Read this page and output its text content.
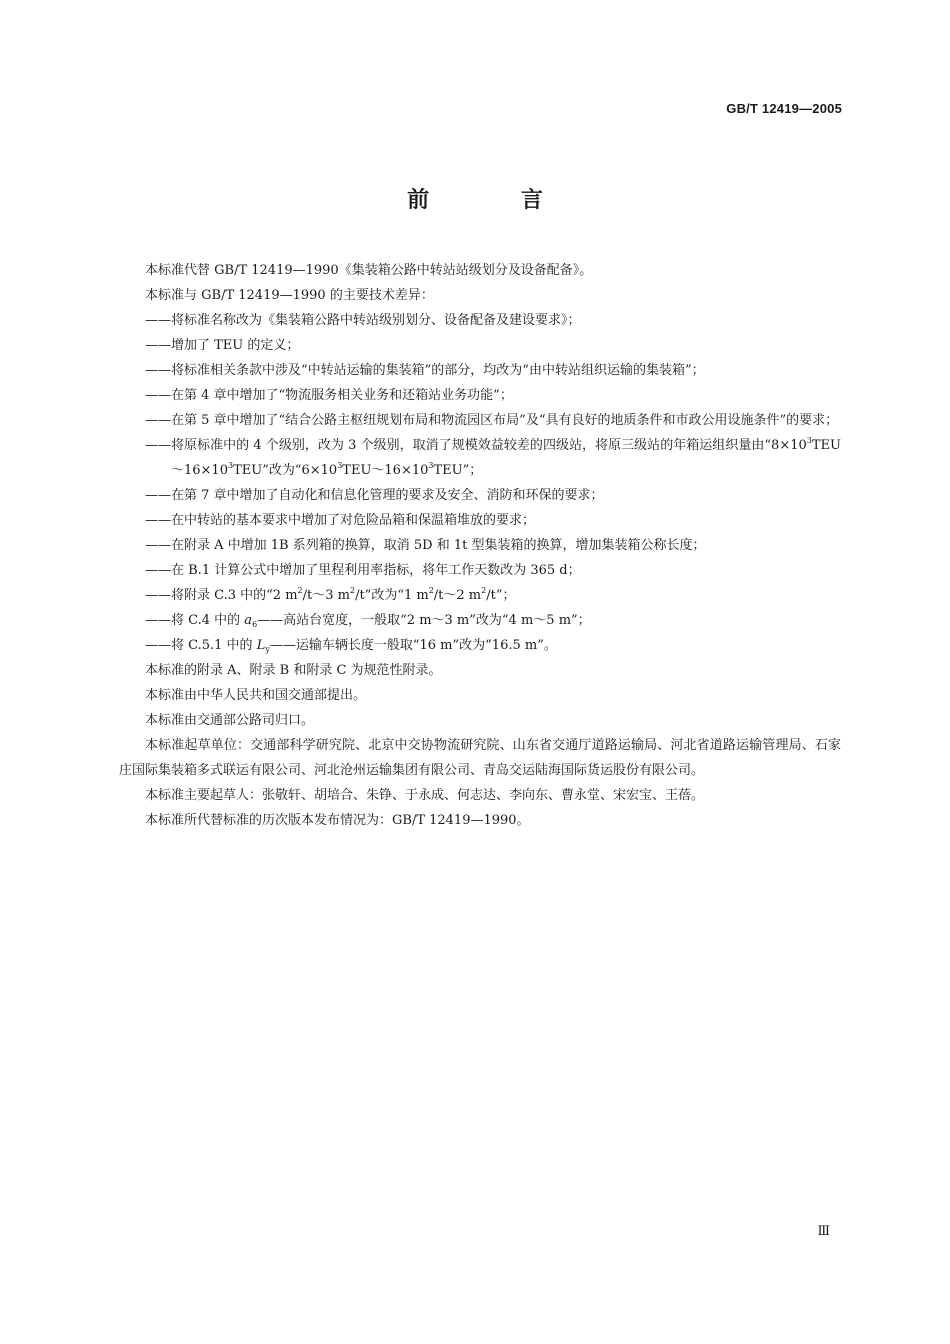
GB/T 12419—2005
前 言

本标准代替 GB/T 12419—1990《集装箱公路中转站站级划分及设备配备》。

本标准与 GB/T 12419—1990 的主要技术差异：

——将标准名称改为《集装箱公路中转站级别划分、设备配备及建设要求》；

——增加了 TEU 的定义；

——将标准相关条款中涉及“中转站运输的集装箱”的部分，均改为“由中转站组织运输的集装箱”；

——在第 4 章中增加了“物流服务相关业务和还箱站业务功能”；

——在第 5 章中增加了“结合公路主枢纽规划布局和物流园区布局”及“具有良好的地质条件和市政公用设施条件”的要求；

——将原标准中的 4 个级别，改为 3 个级别，取消了规模效益较差的四级站，将原三级站的年箱运组织量由“$8\times 10^3TEU\sim 16\times 10^3TEU$”改为“$6\times 10^3TEU\sim 16\times 10^3TEU$”；

——在第 7 章中增加了自动化和信息化管理的要求及安全、消防和环保的要求；

——在中转站的基本要求中增加了对危险品箱和保温箱堆放的要求；

——在附录 A 中增加 1B 系列箱的换算，取消 5D 和 1t 型集装箱的换算，增加集装箱公称长度；

——在 B.1 计算公式中增加了里程利用率指标，将年工作天数改为 365 d；

——将附录 C.3 中的“2 $m^2/t\sim 3$ $m^2/t$”改为“1 $m^2/t\sim 2$ $m^2/t$”；

——将 C.4 中的 $a_6——$高站台宽度，一般取“2 m～3 m”改为“4 m～5 m”；

——将 C.5.1 中的 $L_y——$运输车辆长度一般取“16 m”改为“16.5 m”。

本标准的附录 A、附录 B 和附录 C 为规范性附录。

本标准由中华人民共和国交通部提出。

本标准由交通部公路司归口。

本标准起草单位：交通部科学研究院、北京中交协物流研究院、山东省交通厅道路运输局、河北省道路运输管理局、石家庄国际集装箱多式联运有限公司、河北沧州运输集团有限公司、青岛交运陆海国际货运股份有限公司。

本标准主要起草人：张敬轩、胡培合、朱铮、于永成、何志达、李向东、曹永堂、宋宏宝、王蓓。

本标准所代替标准的历次版本发布情况为：GB/T 12419—1990。

Ⅲ
